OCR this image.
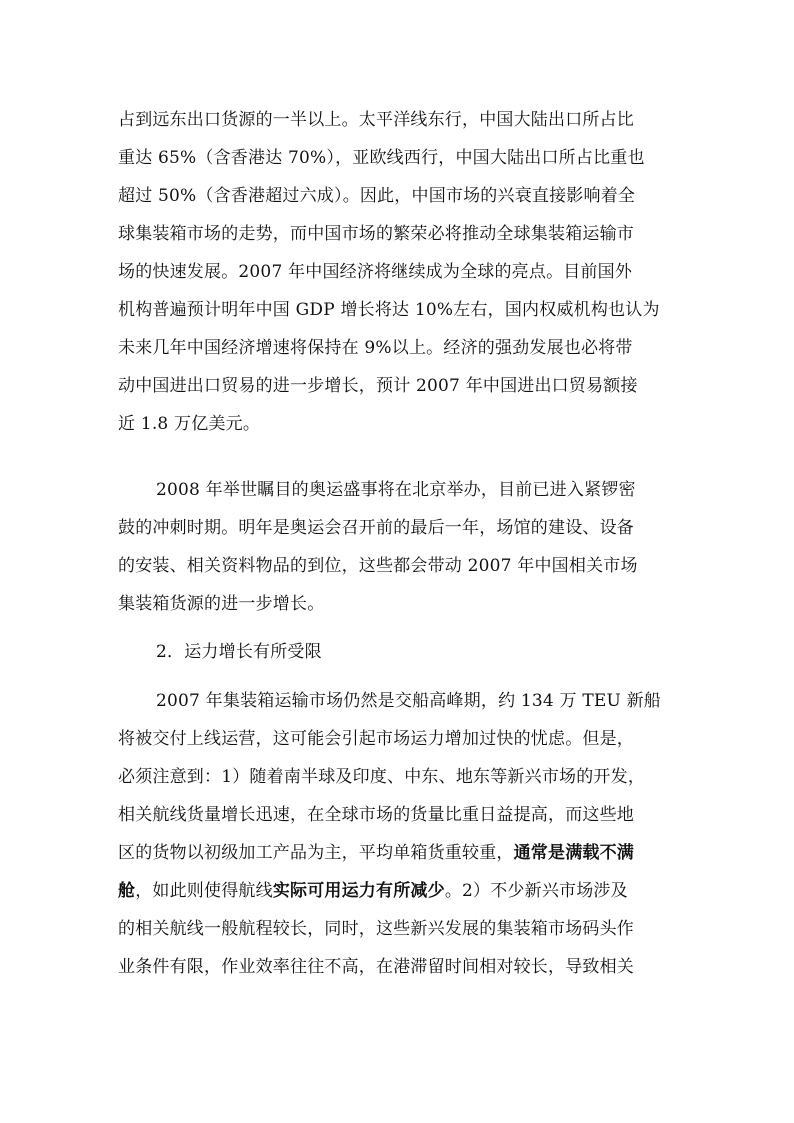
占到远东出口货源的一半以上。太平洋线东行，中国大陆出口所占比
重达 65%（含香港达 70%），亚欧线西行，中国大陆出口所占比重也
超过 50%（含香港超过六成）。因此，中国市场的兴衰直接影响着全
球集装箱市场的走势，而中国市场的繁荣必将推动全球集装箱运输市
场的快速发展。2007 年中国经济将继续成为全球的亮点。目前国外
机构普遍预计明年中国 GDP 增长将达 10%左右，国内权威机构也认为
未来几年中国经济增速将保持在 9%以上。经济的强劲发展也必将带
动中国进出口贸易的进一步增长，预计 2007 年中国进出口贸易额接
近 1.8 万亿美元。
2008 年举世瞩目的奥运盛事将在北京举办，目前已进入紧锣密
鼓的冲刺时期。明年是奥运会召开前的最后一年，场馆的建设、设备
的安装、相关资料物品的到位，这些都会带动 2007 年中国相关市场
集装箱货源的进一步增长。
2．运力增长有所受限
2007 年集装箱运输市场仍然是交船高峰期，约 134 万 TEU 新船
将被交付上线运营，这可能会引起市场运力增加过快的忧虑。但是，
必须注意到：1）随着南半球及印度、中东、地东等新兴市场的开发，
相关航线货量增长迅速，在全球市场的货量比重日益提高，而这些地
区的货物以初级加工产品为主，平均单箱货重较重，通常是满载不满
舱，如此则使得航线实际可用运力有所减少。2）不少新兴市场涉及
的相关航线一般航程较长，同时，这些新兴发展的集装箱市场码头作
业条件有限，作业效率往往不高，在港滞留时间相对较长，导致相关
